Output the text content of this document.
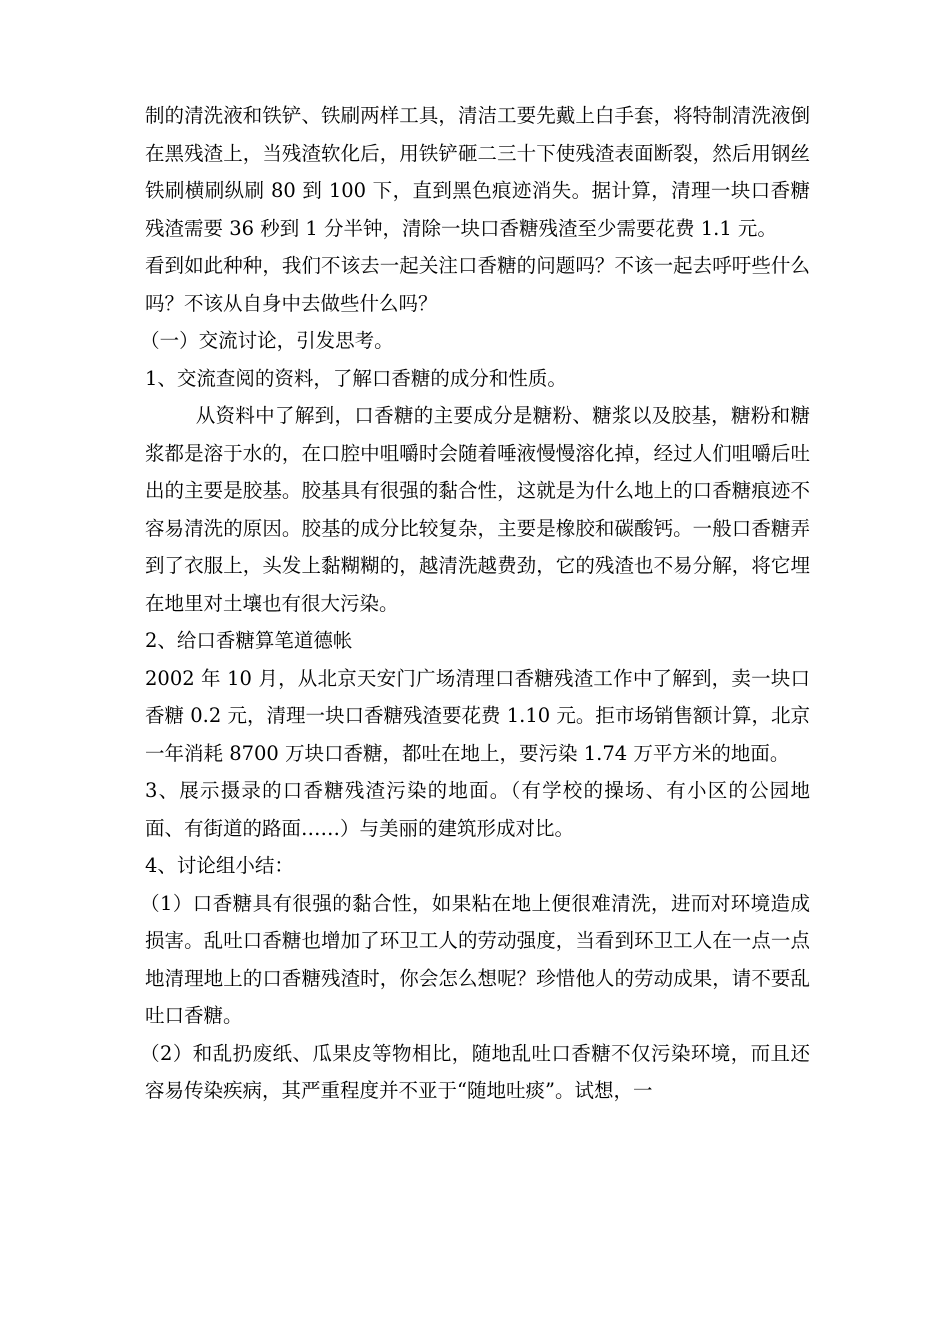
制的清洗液和铁铲、铁刷两样工具，清洁工要先戴上白手套，将特制清洗液倒在黑残渣上，当残渣软化后，用铁铲砸二三十下使残渣表面断裂，然后用钢丝铁刷横刷纵刷 80 到 100 下，直到黑色痕迹消失。据计算，清理一块口香糖残渣需要 36 秒到 1 分半钟，清除一块口香糖残渣至少需要花费 1.1 元。

看到如此种种，我们不该去一起关注口香糖的问题吗？不该一起去呼吁些什么吗？不该从自身中去做些什么吗？

（一）交流讨论，引发思考。

1、交流查阅的资料，了解口香糖的成分和性质。

从资料中了解到，口香糖的主要成分是糖粉、糖浆以及胶基，糖粉和糖浆都是溶于水的，在口腔中咀嚼时会随着唾液慢慢溶化掉，经过人们咀嚼后吐出的主要是胶基。胶基具有很强的黏合性，这就是为什么地上的口香糖痕迹不容易清洗的原因。胶基的成分比较复杂，主要是橡胶和碳酸钙。一般口香糖弄到了衣服上，头发上黏糊糊的，越清洗越费劲，它的残渣也不易分解，将它埋在地里对土壤也有很大污染。

2、给口香糖算笔道德帐

2002 年 10 月，从北京天安门广场清理口香糖残渣工作中了解到，卖一块口香糖 0.2 元，清理一块口香糖残渣要花费 1.10 元。拒市场销售额计算，北京一年消耗 8700 万块口香糖，都吐在地上，要污染 1.74 万平方米的地面。

3、展示摄录的口香糖残渣污染的地面。（有学校的操场、有小区的公园地面、有街道的路面……）与美丽的建筑形成对比。

4、讨论组小结：

（1）口香糖具有很强的黏合性，如果粘在地上便很难清洗，进而对环境造成损害。乱吐口香糖也增加了环卫工人的劳动强度，当看到环卫工人在一点一点地清理地上的口香糖残渣时，你会怎么想呢？珍惜他人的劳动成果，请不要乱吐口香糖。

（2）和乱扔废纸、瓜果皮等物相比，随地乱吐口香糖不仅污染环境，而且还容易传染疾病，其严重程度并不亚于“随地吐痰”。试想，一
